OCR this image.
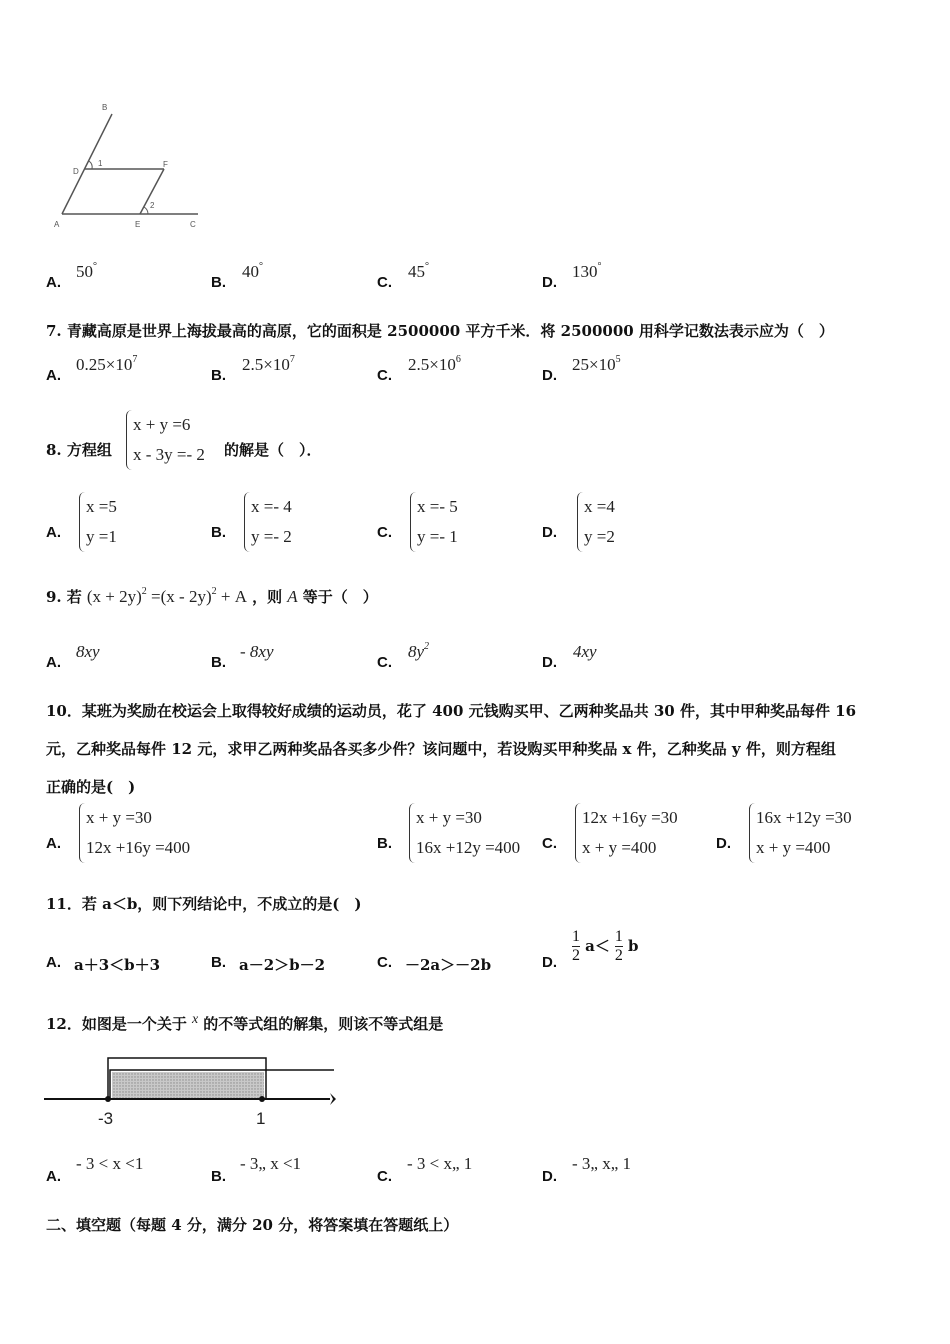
B
D
1	F
2
A	E	C
A.
50°
B.
40°
C.
45°
D.
130°
7. 青藏高原是世界上海拔最高的高原，它的面积是 2500000 平方千米．将 2500000 用科学记数法表示应为（　）
A.
$0.25\times 10^7$
B.
$2.5\times 10^7$
C.
$2.5\times 10^6$
D.
$25\times 10^5$
8. 方程组
x + y =6
x - 3y =- 2 的解是（　）．
A.
x =5
y =1	B.
x =- 4
y =- 2	C.
x =- 5
y =- 1	D.
x =4
y =2
9. 若 $(x + 2y)^2 =(x - 2y)^2 + A$ ，则 A 等于（　）
A.
8xy
B.
- 8xy
C.
$8y^2$
D.
4xy
10．某班为奖励在校运会上取得较好成绩的运动员，花了 400 元钱购买甲、乙两种奖品共 30 件，其中甲种奖品每件 16
元，乙种奖品每件 12 元，求甲乙两种奖品各买多少件？该问题中，若设购买甲种奖品 x 件，乙种奖品 y 件，则方程组
正确的是(　)
A.
x + y =30
12x +16y =400	B.
x + y =30
16x +12y =400 C.
12x +16y =30
x + y =400	D.
16x +12y =30
x + y =400
11．若 a＜b，则下列结论中，不成立的是(　)
A. a＋3＜b＋3	B. a－2＞b－2	C. －2a＞－2b	D. $\frac{1}{2} a< \frac{1}{2}$ b
12．如图是一个关于 x 的不等式组的解集，则该不等式组是
-3	1
A.
- 3 < x <1
B.
- 3„ x <1
C.
- 3 < x„ 1
D.
- 3„ x„ 1
二、填空题（每题 4 分，满分 20 分，将答案填在答题纸上）
